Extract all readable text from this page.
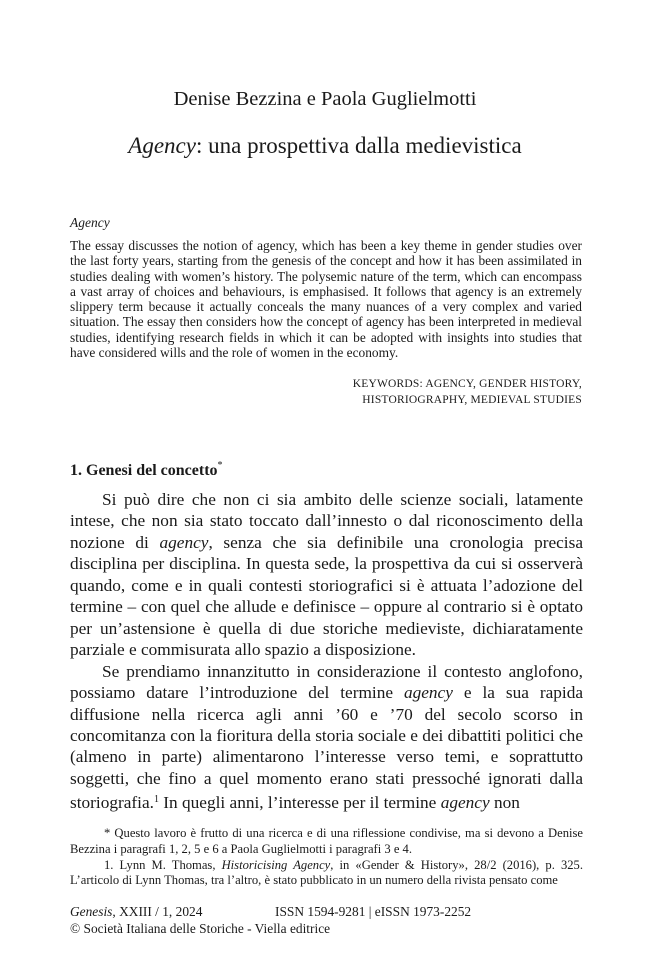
Denise Bezzina e Paola Guglielmotti
Agency: una prospettiva dalla medievistica
Agency
The essay discusses the notion of agency, which has been a key theme in gender studies over the last forty years, starting from the genesis of the concept and how it has been assimilated in studies dealing with women’s history. The polysemic nature of the term, which can encompass a vast array of choices and behaviours, is emphasised. It follows that agency is an extremely slippery term because it actually conceals the many nuances of a very complex and varied situation. The essay then considers how the concept of agency has been interpreted in medieval studies, identifying research fields in which it can be adopted with insights into studies that have considered wills and the role of women in the economy.
KEYWORDS: AGENCY, GENDER HISTORY,
HISTORIOGRAPHY, MEDIEVAL STUDIES
1. Genesi del concetto*

Si può dire che non ci sia ambito delle scienze sociali, latamente intese, che non sia stato toccato dall’innesto o dal riconoscimento della nozione di agency, senza che sia definibile una cronologia precisa disciplina per disciplina. In questa sede, la prospettiva da cui si osserverà quando, come e in quali contesti storiografici si è attuata l’adozione del termine – con quel che allude e definisce – oppure al contrario si è optato per un’astensione è quella di due storiche medieviste, dichiaratamente parziale e commisurata allo spazio a disposizione.

Se prendiamo innanzitutto in considerazione il contesto anglofono, possiamo datare l’introduzione del termine agency e la sua rapida diffusione nella ricerca agli anni ’60 e ’70 del secolo scorso in concomitanza con la fioritura della storia sociale e dei dibattiti politici che (almeno in parte) alimentarono l’interesse verso temi, e soprattutto soggetti, che fino a quel momento erano stati pressoché ignorati dalla storiografia.$^1$ In quegli anni, l’interesse per il termine agency non

* Questo lavoro è frutto di una ricerca e di una riflessione condivise, ma si devono a Denise Bezzina i paragrafi 1, 2, 5 e 6 a Paola Guglielmotti i paragrafi 3 e 4.

1. Lynn M. Thomas, Historicising Agency, in «Gender & History», 28/2 (2016), p. 325. L’articolo di Lynn Thomas, tra l’altro, è stato pubblicato in un numero della rivista pensato come

Genesis, XXIII / 1, 2024	ISSN 1594-9281 | eISSN 1973-2252
© Società Italiana delle Storiche - Viella editrice
